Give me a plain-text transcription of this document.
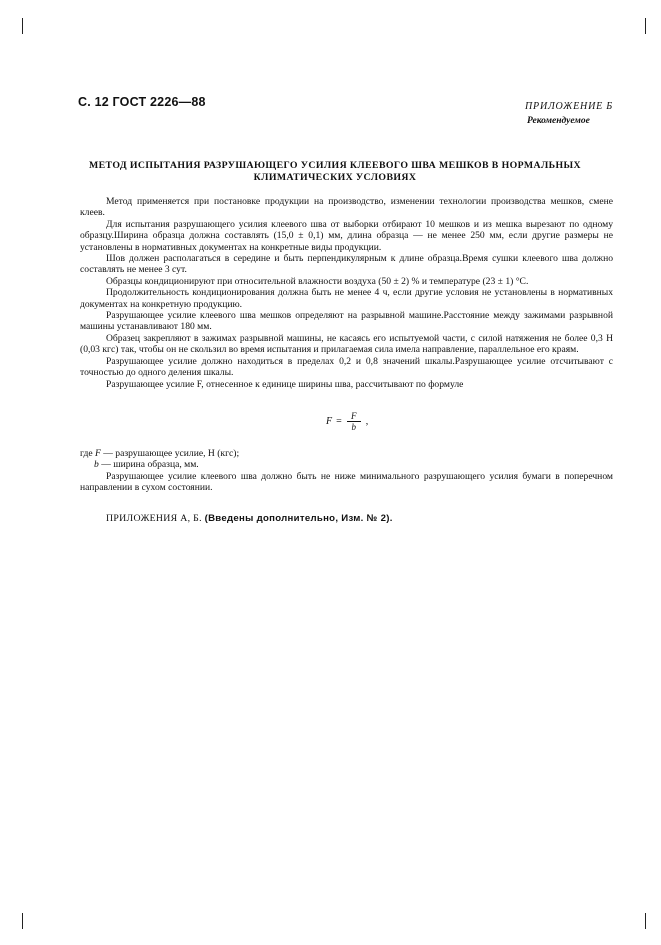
С. 12 ГОСТ 2226—88	ПРИЛОЖЕНИЕ Б
Рекомендуемое
МЕТОД ИСПЫТАНИЯ РАЗРУШАЮЩЕГО УСИЛИЯ КЛЕЕВОГО ШВА МЕШКОВ В НОРМАЛЬНЫХ
КЛИМАТИЧЕСКИХ УСЛОВИЯХ

Метод применяется при постановке продукции на производство, изменении технологии производства мешков, смене клеев.

Для испытания разрушающего усилия клеевого шва от выборки отбирают 10 мешков и из мешка вырезают по одному образцу.Ширина образца должна составлять (15,0 ± 0,1) мм, длина образца — не менее 250 мм, если другие размеры не установлены в нормативных документах на конкретные виды продукции.

Шов должен располагаться в середине и быть перпендикулярным к длине образца.Время сушки клеевого шва должно составлять не менее 3 сут.

Образцы кондиционируют при относительной влажности воздуха (50 ± 2) % и температуре (23 ± 1) °С.

Продолжительность кондиционирования должна быть не менее 4 ч, если другие условия не установлены в нормативных документах на конкретную продукцию.

Разрушающее усилие клеевого шва мешков определяют на разрывной машине.Расстояние между зажимами разрывной машины устанавливают 180 мм.

Образец закрепляют в зажимах разрывной машины, не касаясь его испытуемой части, с силой натяжения не более 0,3 Н (0,03 кгс) так, чтобы он не скользил во время испытания и прилагаемая сила имела направление, параллельное его краям.

Разрушающее усилие должно находиться в пределах 0,2 и 0,8 значений шкалы.Разрушающее усилие отсчитывают с точностью до одного деления шкалы.

Разрушающее усилие F, отнесенное к единице ширины шва, рассчитывают по формуле

$F = \frac{F}{b}$ ,

где F — разрушающее усилие, Н (кгс);

b — ширина образца, мм.

Разрушающее усилие клеевого шва должно быть не ниже минимального разрушающего усилия бумаги в поперечном направлении в сухом состоянии.

ПРИЛОЖЕНИЯ А, Б. (Введены дополнительно, Изм. № 2).
